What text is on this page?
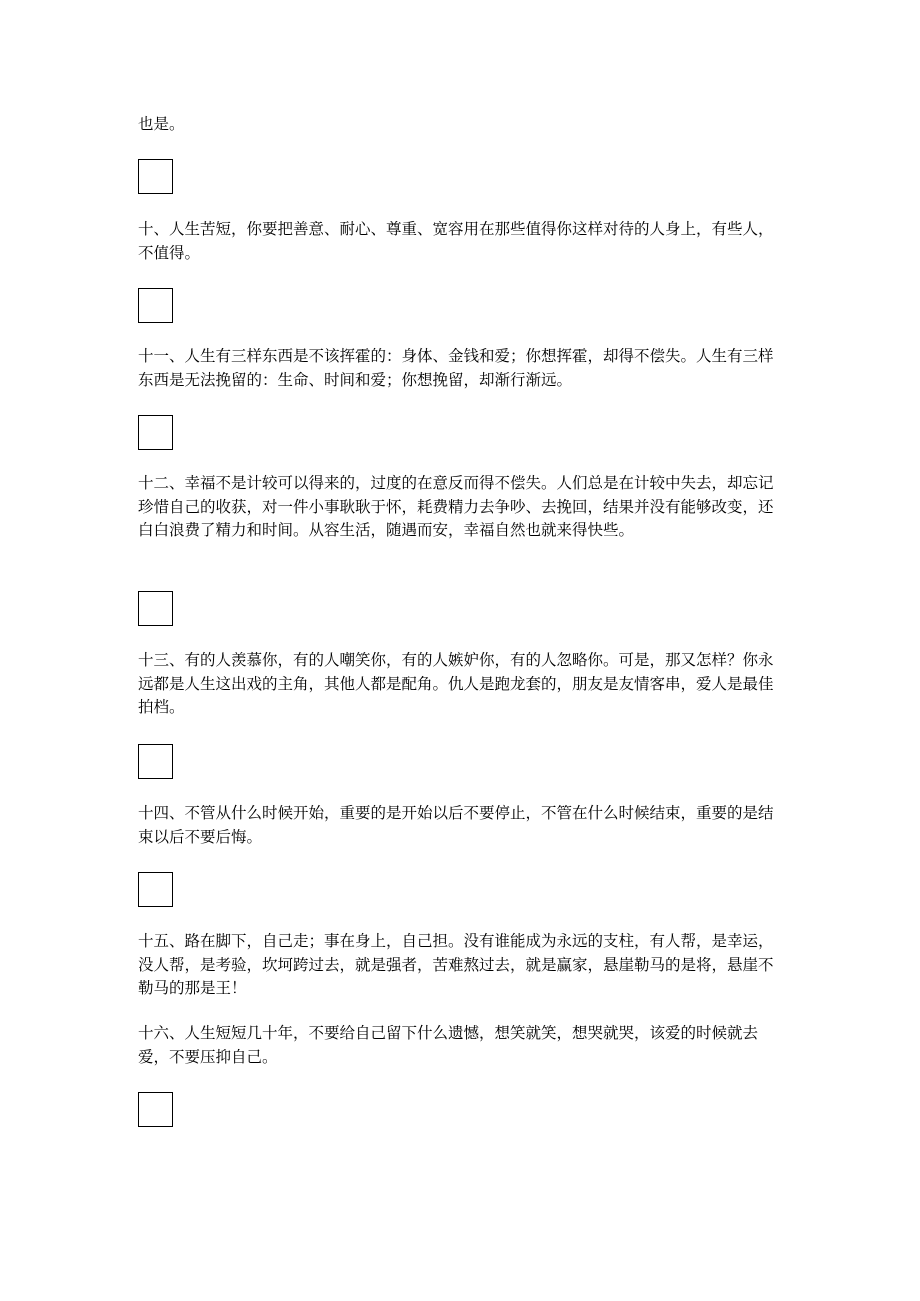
也是。

十、人生苦短，你要把善意、耐心、尊重、宽容用在那些值得你这样对待的人身上，有些人，不值得。

十一、人生有三样东西是不该挥霍的：身体、金钱和爱；你想挥霍，却得不偿失。人生有三样东西是无法挽留的：生命、时间和爱；你想挽留，却渐行渐远。

十二、幸福不是计较可以得来的，过度的在意反而得不偿失。人们总是在计较中失去，却忘记珍惜自己的收获，对一件小事耿耿于怀，耗费精力去争吵、去挽回，结果并没有能够改变，还白白浪费了精力和时间。从容生活，随遇而安，幸福自然也就来得快些。

十三、有的人羡慕你，有的人嘲笑你，有的人嫉妒你，有的人忽略你。可是，那又怎样？你永远都是人生这出戏的主角，其他人都是配角。仇人是跑龙套的，朋友是友情客串，爱人是最佳拍档。

十四、不管从什么时候开始，重要的是开始以后不要停止，不管在什么时候结束，重要的是结束以后不要后悔。

十五、路在脚下，自己走；事在身上，自己担。没有谁能成为永远的支柱，有人帮，是幸运，没人帮，是考验，坎坷跨过去，就是强者，苦难熬过去，就是赢家，悬崖勒马的是将，悬崖不勒马的那是王！

十六、人生短短几十年，不要给自己留下什么遗憾，想笑就笑，想哭就哭，该爱的时候就去爱，不要压抑自己。
